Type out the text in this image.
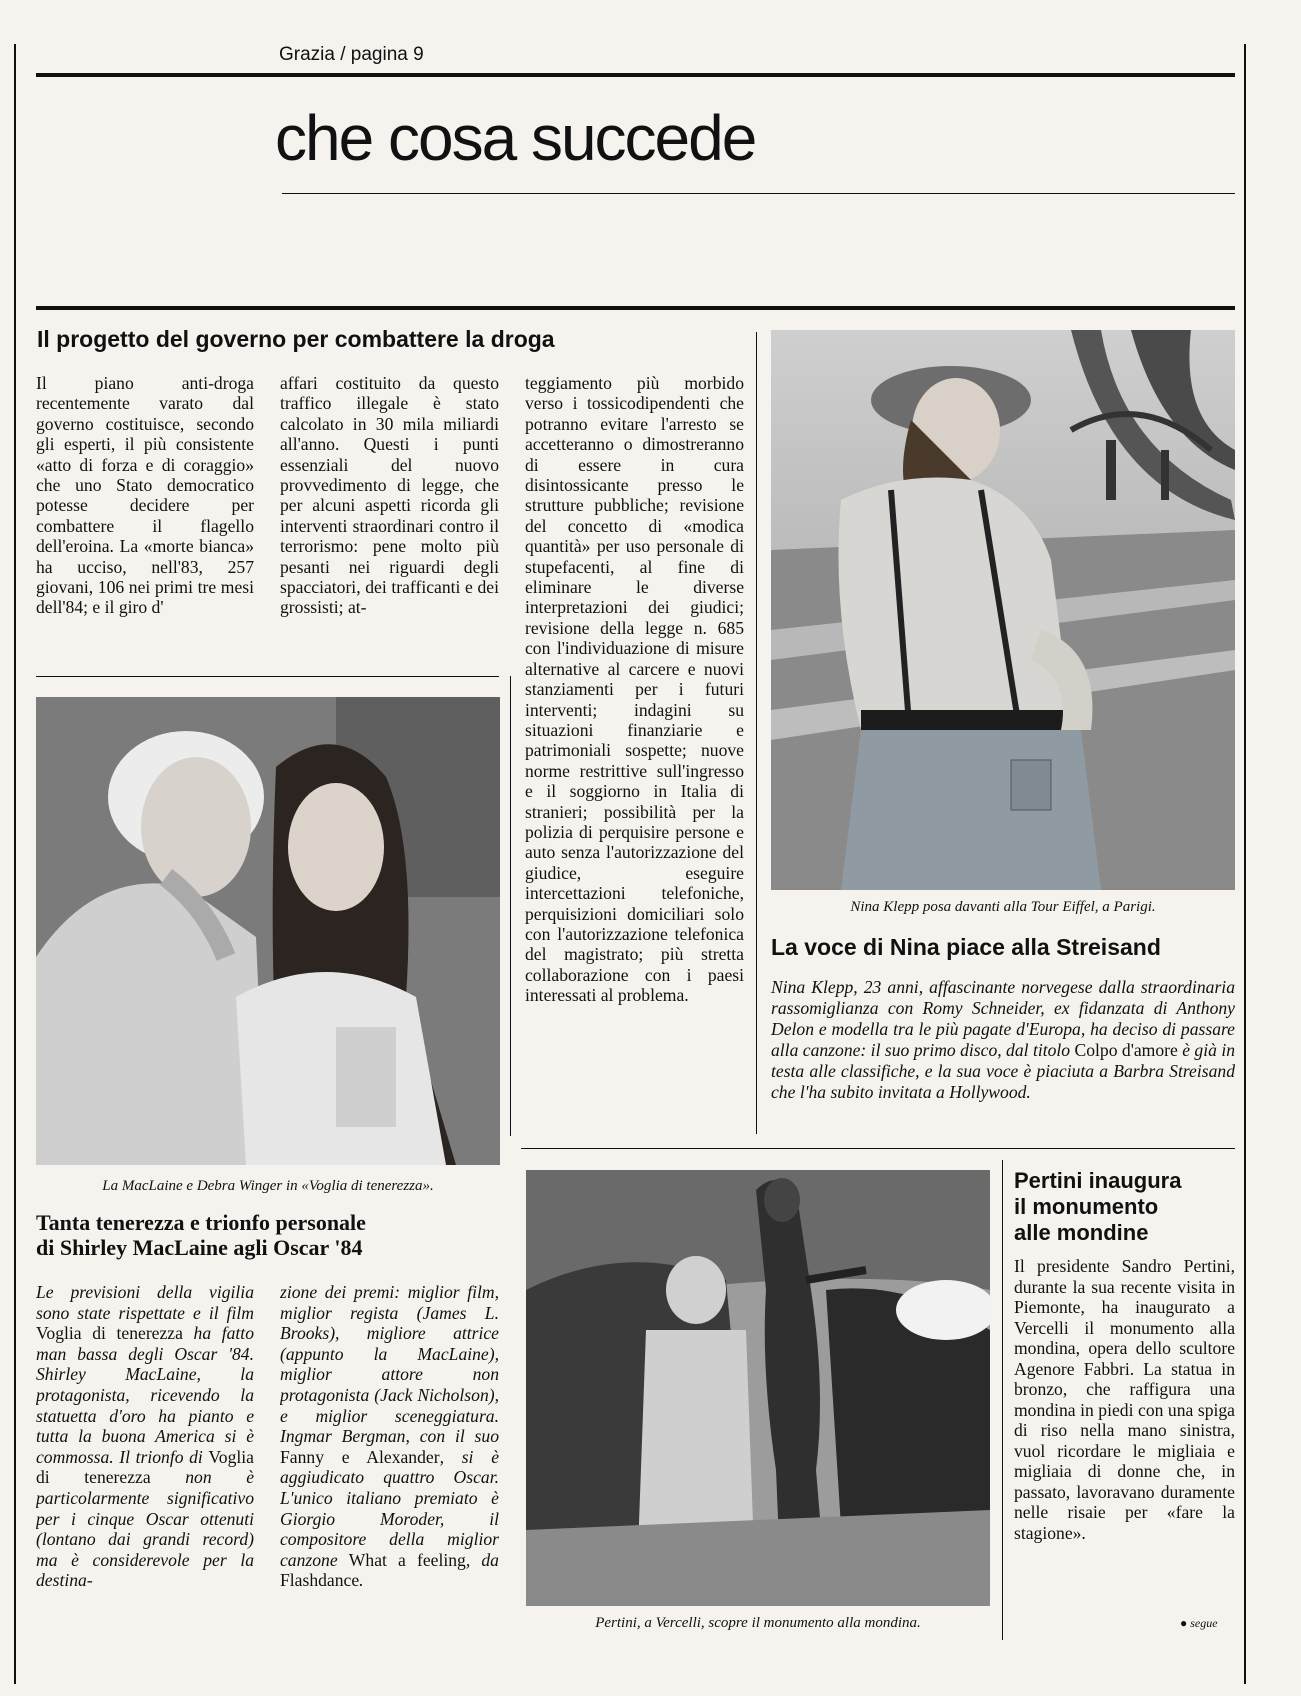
Grazia / pagina 9
che cosa succede
Il progetto del governo per combattere la droga

Il piano anti-droga recentemente varato dal governo costituisce, secondo gli esperti, il più consistente «atto di forza e di coraggio» che uno Stato democratico potesse decidere per combattere il flagello dell'eroina. La «morte bianca» ha ucciso, nell'83, 257 giovani, 106 nei primi tre mesi dell'84; e il giro d'

affari costituito da questo traffico illegale è stato calcolato in 30 mila miliardi all'anno. Questi i punti essenziali del nuovo provvedimento di legge, che per alcuni aspetti ricorda gli interventi straordinari contro il terrorismo: pene molto più pesanti nei riguardi degli spacciatori, dei trafficanti e dei grossisti; at-

teggiamento più morbido verso i tossicodipendenti che potranno evitare l'arresto se accetteranno o dimostreranno di essere in cura disintossicante presso le strutture pubbliche; revisione del concetto di «modica quantità» per uso personale di stupefacenti, al fine di eliminare le diverse interpretazioni dei giudici; revisione della legge n. 685 con l'individuazione di misure alternative al carcere e nuovi stanziamenti per i futuri interventi; indagini su situazioni finanziarie e patrimoniali sospette; nuove norme restrittive sull'ingresso e il soggiorno in Italia di stranieri; possibilità per la polizia di perquisire persone e auto senza l'autorizzazione del giudice, eseguire intercettazioni telefoniche, perquisizioni domiciliari solo con l'autorizzazione telefonica del magistrato; più stretta collaborazione con i paesi interessati al problema.

Nina Klepp posa davanti alla Tour Eiffel, a Parigi.
La voce di Nina piace alla Streisand
Nina Klepp, 23 anni, affascinante norvegese dalla straordinaria rassomiglianza con Romy Schneider, ex fidanzata di Anthony Delon e modella tra le più pagate d'Europa, ha deciso di passare alla canzone: il suo primo disco, dal titolo Colpo d'amore è già in testa alle classifiche, e la sua voce è piaciuta a Barbra Streisand che l'ha subito invitata a Hollywood.
La MacLaine e Debra Winger in «Voglia di tenerezza».
Tanta tenerezza e trionfo personale
di Shirley MacLaine agli Oscar '84
Le previsioni della vigilia sono state rispettate e il film Voglia di tenerezza ha fatto man bassa degli Oscar '84. Shirley MacLaine, la protagonista, ricevendo la statuetta d'oro ha pianto e tutta la buona America si è commossa. Il trionfo di Voglia di tenerezza non è particolarmente significativo per i cinque Oscar ottenuti (lontano dai grandi record) ma è considerevole per la destina-
zione dei premi: miglior film, miglior regista (James L. Brooks), migliore attrice (appunto la MacLaine), miglior attore non protagonista (Jack Nicholson), e miglior sceneggiatura. Ingmar Bergman, con il suo Fanny e Alexander, si è aggiudicato quattro Oscar. L'unico italiano premiato è Giorgio Moroder, il compositore della miglior canzone What a feeling, da Flashdance.
Pertini, a Vercelli, scopre il monumento alla mondina.
Pertini inaugura
il monumento
alle mondine

Il presidente Sandro Pertini, durante la sua recente visita in Piemonte, ha inaugurato a Vercelli il monumento alla mondina, opera dello scultore Agenore Fabbri. La statua in bronzo, che raffigura una mondina in piedi con una spiga di riso nella mano sinistra, vuol ricordare le migliaia e migliaia di donne che, in passato, lavoravano duramente nelle risaie per «fare la stagione».

● segue
